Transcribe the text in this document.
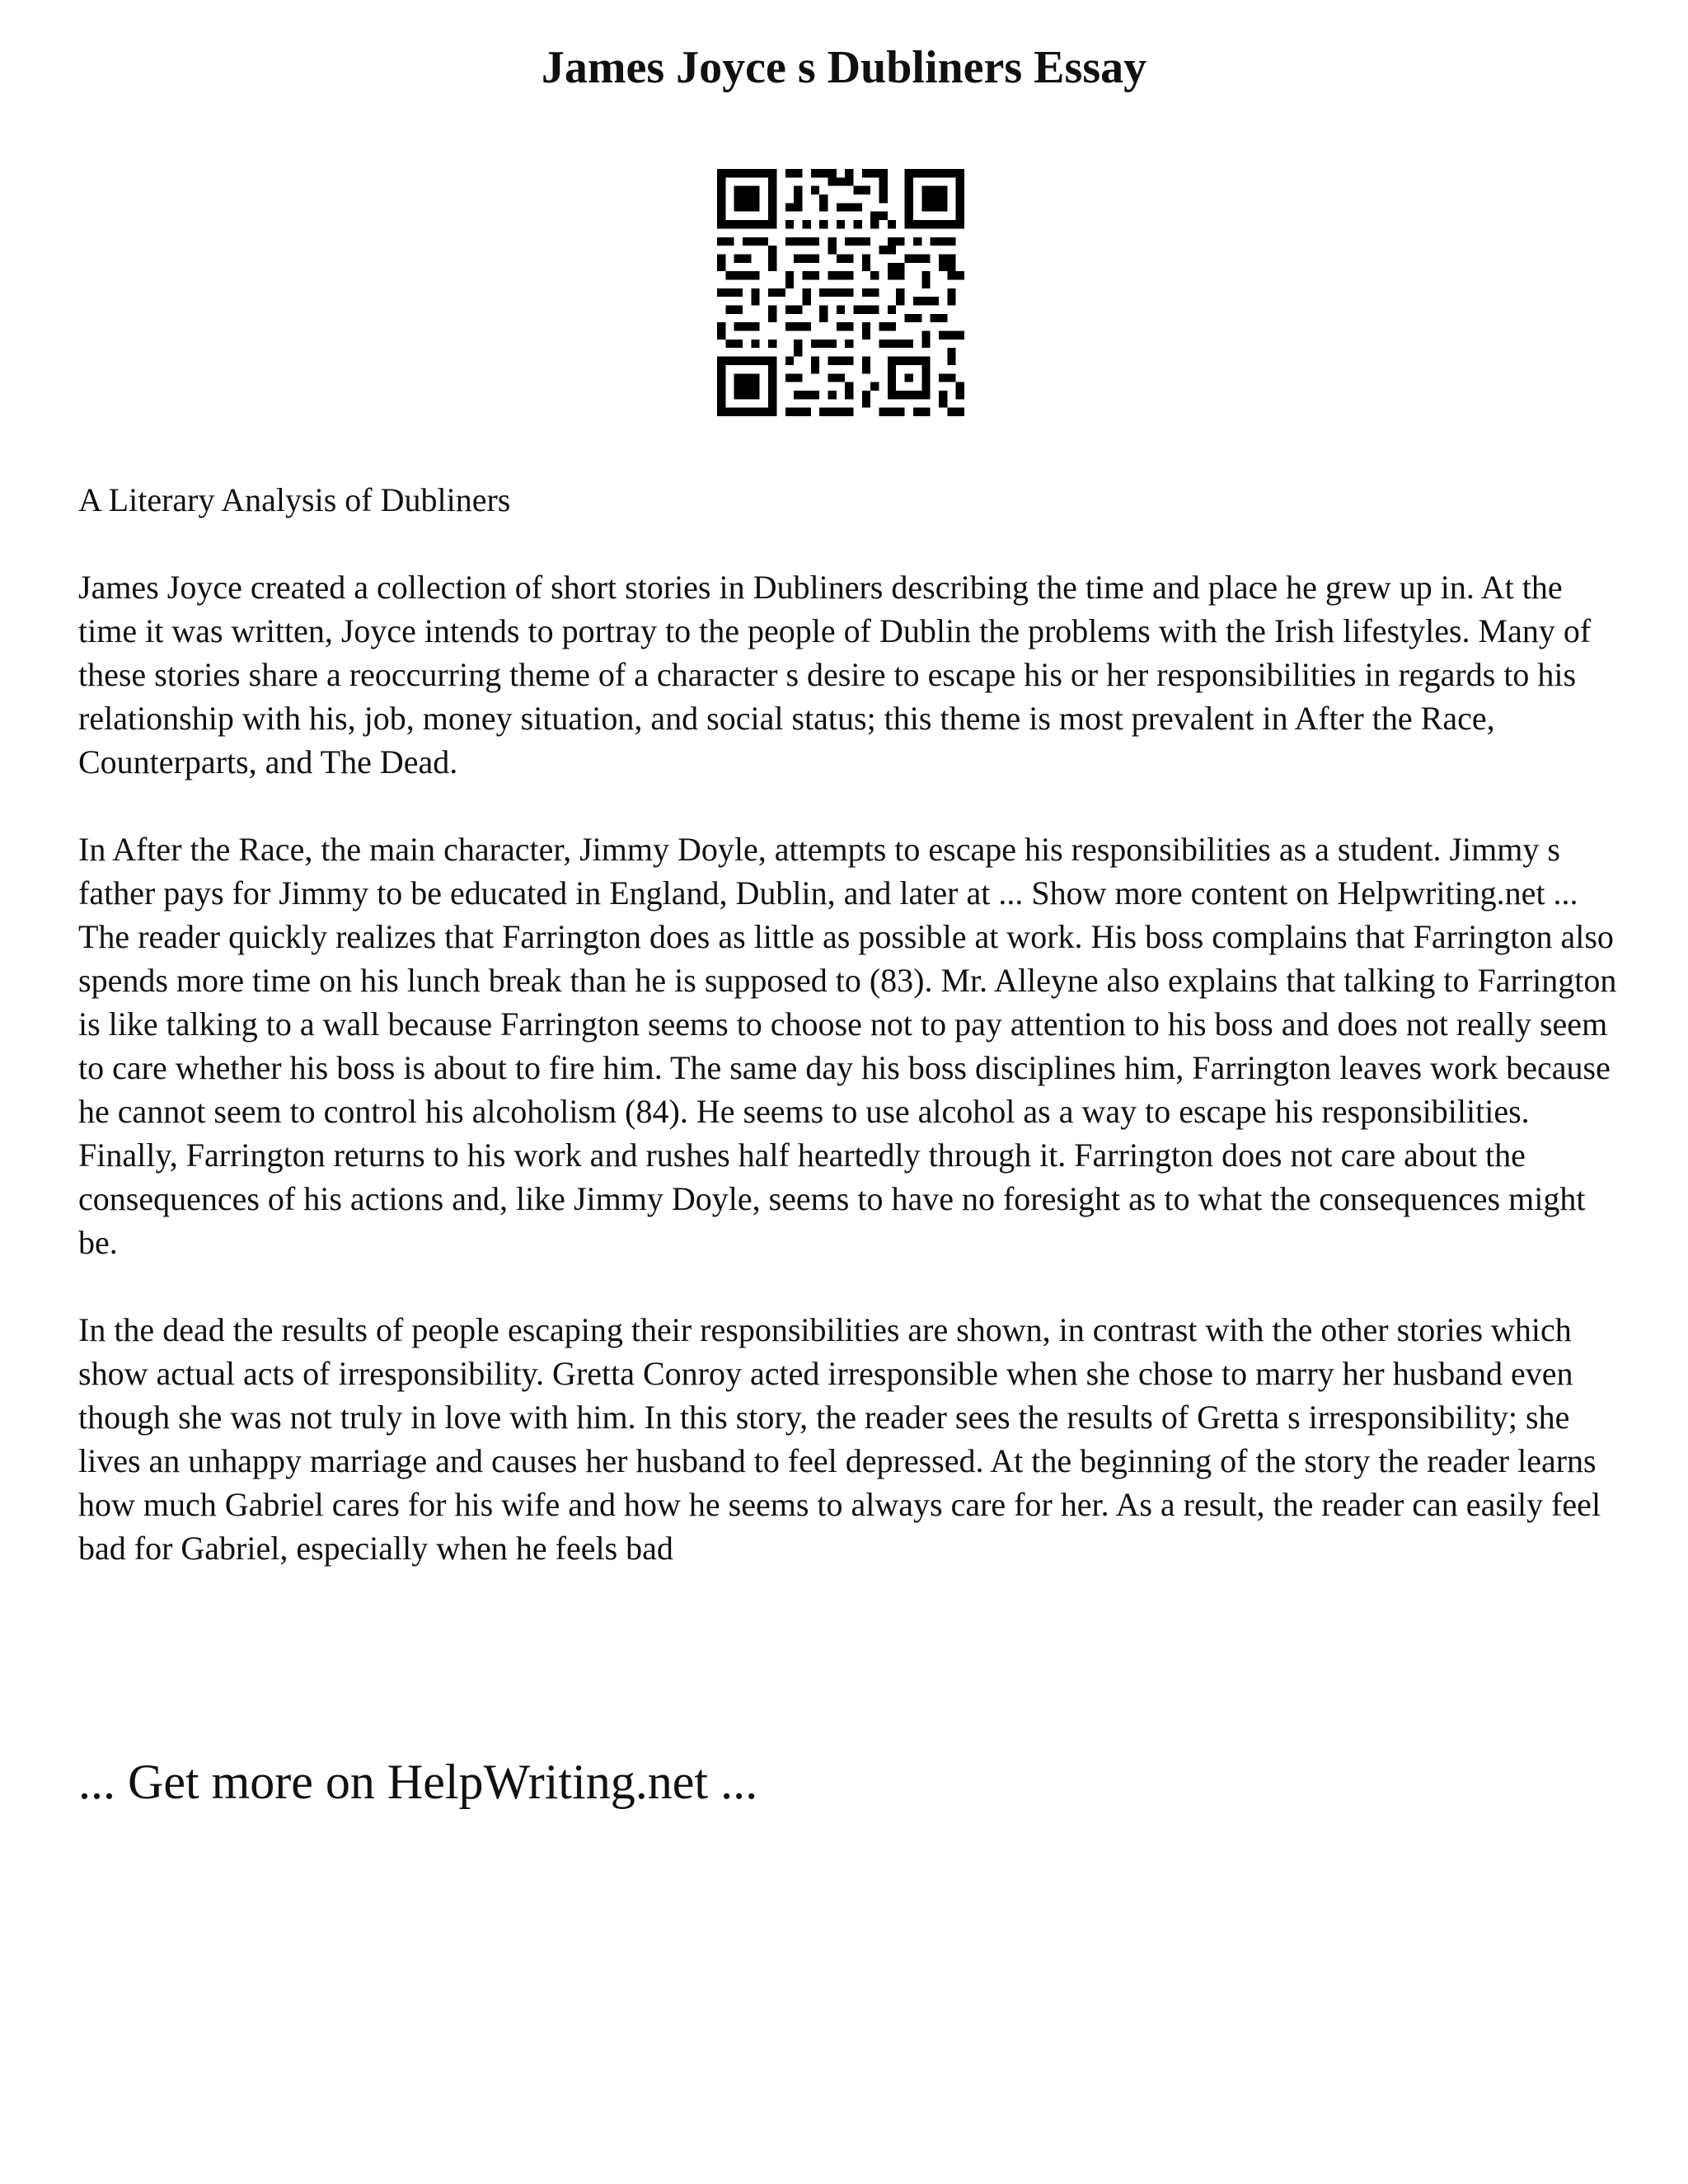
James Joyce s Dubliners Essay

A Literary Analysis of Dubliners

James Joyce created a collection of short stories in Dubliners describing the time and place he grew up in. At the time it was written, Joyce intends to portray to the people of Dublin the problems with the Irish lifestyles. Many of these stories share a reoccurring theme of a character s desire to escape his or her responsibilities in regards to his relationship with his, job, money situation, and social status; this theme is most prevalent in After the Race, Counterparts, and The Dead.

In After the Race, the main character, Jimmy Doyle, attempts to escape his responsibilities as a student. Jimmy s father pays for Jimmy to be educated in England, Dublin, and later at ... Show more content on Helpwriting.net ...

The reader quickly realizes that Farrington does as little as possible at work. His boss complains that Farrington also spends more time on his lunch break than he is supposed to (83). Mr. Alleyne also explains that talking to Farrington is like talking to a wall because Farrington seems to choose not to pay attention to his boss and does not really seem to care whether his boss is about to fire him. The same day his boss disciplines him, Farrington leaves work because he cannot seem to control his alcoholism (84). He seems to use alcohol as a way to escape his responsibilities. Finally, Farrington returns to his work and rushes half heartedly through it. Farrington does not care about the consequences of his actions and, like Jimmy Doyle, seems to have no foresight as to what the consequences might be.

In the dead the results of people escaping their responsibilities are shown, in contrast with the other stories which show actual acts of irresponsibility. Gretta Conroy acted irresponsible when she chose to marry her husband even though she was not truly in love with him. In this story, the reader sees the results of Gretta s irresponsibility; she lives an unhappy marriage and causes her husband to feel depressed. At the beginning of the story the reader learns how much Gabriel cares for his wife and how he seems to always care for her. As a result, the reader can easily feel bad for Gabriel, especially when he feels bad

... Get more on HelpWriting.net ...
